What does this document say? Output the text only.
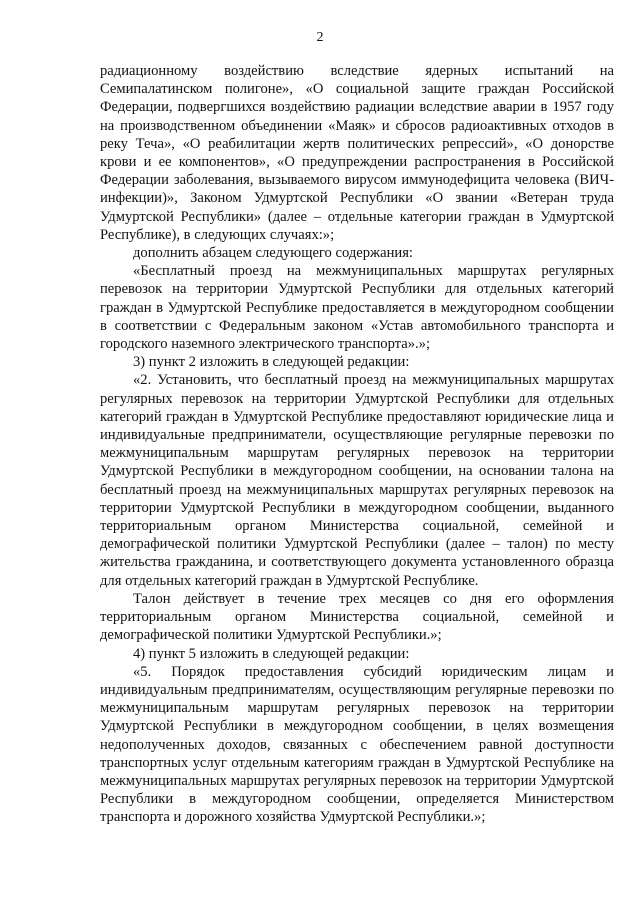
2

радиационному воздействию вследствие ядерных испытаний на Семипалатинском полигоне», «О социальной защите граждан Российской Федерации, подвергшихся воздействию радиации вследствие аварии в 1957 году на производственном объединении «Маяк» и сбросов радиоактивных отходов в реку Теча», «О реабилитации жертв политических репрессий», «О донорстве крови и ее компонентов», «О предупреждении распространения в Российской Федерации заболевания, вызываемого вирусом иммунодефицита человека (ВИЧ-инфекции)», Законом Удмуртской Республики «О звании «Ветеран труда Удмуртской Республики» (далее – отдельные категории граждан в Удмуртской Республике), в следующих случаях:»;

дополнить абзацем следующего содержания:

«Бесплатный проезд на межмуниципальных маршрутах регулярных перевозок на территории Удмуртской Республики для отдельных категорий граждан в Удмуртской Республике предоставляется в междугородном сообщении в соответствии с Федеральным законом «Устав автомобильного транспорта и городского наземного электрического транспорта».»;

3) пункт 2 изложить в следующей редакции:

«2. Установить, что бесплатный проезд на межмуниципальных маршрутах регулярных перевозок на территории Удмуртской Республики для отдельных категорий граждан в Удмуртской Республике предоставляют юридические лица и индивидуальные предприниматели, осуществляющие регулярные перевозки по межмуниципальным маршрутам регулярных перевозок на территории Удмуртской Республики в междугородном сообщении, на основании талона на бесплатный проезд на межмуниципальных маршрутах регулярных перевозок на территории Удмуртской Республики в междугородном сообщении, выданного территориальным органом Министерства социальной, семейной и демографической политики Удмуртской Республики (далее – талон) по месту жительства гражданина, и соответствующего документа установленного образца для отдельных категорий граждан в Удмуртской Республике.

Талон действует в течение трех месяцев со дня его оформления территориальным органом Министерства социальной, семейной и демографической политики Удмуртской Республики.»;

4) пункт 5 изложить в следующей редакции:

«5. Порядок предоставления субсидий юридическим лицам и индивидуальным предпринимателям, осуществляющим регулярные перевозки по межмуниципальным маршрутам регулярных перевозок на территории Удмуртской Республики в междугородном сообщении, в целях возмещения недополученных доходов, связанных с обеспечением равной доступности транспортных услуг отдельным категориям граждан в Удмуртской Республике на межмуниципальных маршрутах регулярных перевозок на территории Удмуртской Республики в междугородном сообщении, определяется Министерством транспорта и дорожного хозяйства Удмуртской Республики.»;
